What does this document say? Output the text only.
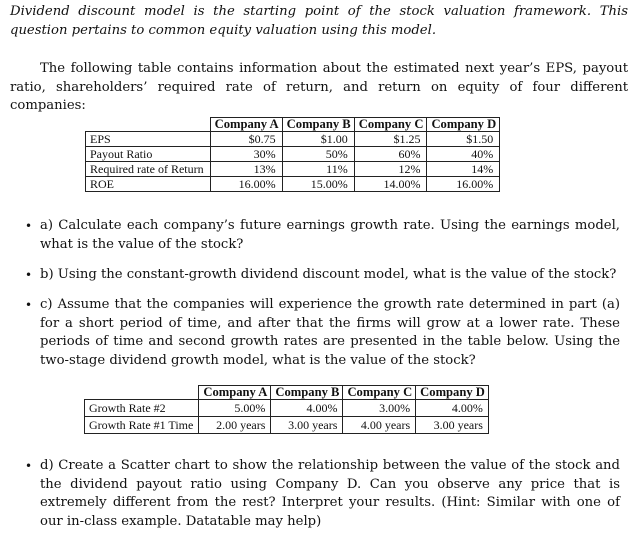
Dividend discount model is the starting point of the stock valuation framework. This question pertains to common equity valuation using this model.
The following table contains information about the estimated next year’s EPS, payout ratio, shareholders’ required rate of return, and return on equity of four different companies:
	Company A	Company B	Company C	Company D
EPS	$0.75	$1.00	$1.25	$1.50
Payout Ratio	30%	50%	60%	40%
Required rate of Return	13%	11%	12%	14%
ROE	16.00%	15.00%	14.00%	16.00%
• a) Calculate each company’s future earnings growth rate. Using the earnings model, what is the value of the stock?
• b) Using the constant-growth dividend discount model, what is the value of the stock?
• c) Assume that the companies will experience the growth rate determined in part (a) for a short period of time, and after that the firms will grow at a lower rate. These periods of time and second growth rates are presented in the table below. Using the two-stage dividend growth model, what is the value of the stock?
	Company A	Company B	Company C	Company D
Growth Rate #2	5.00%	4.00%	3.00%	4.00%
Growth Rate #1 Time	2.00 years	3.00 years	4.00 years	3.00 years
• d) Create a Scatter chart to show the relationship between the value of the stock and the dividend payout ratio using Company D. Can you observe any price that is extremely different from the rest? Interpret your results. (Hint: Similar with one of our in-class example. Datatable may help)
